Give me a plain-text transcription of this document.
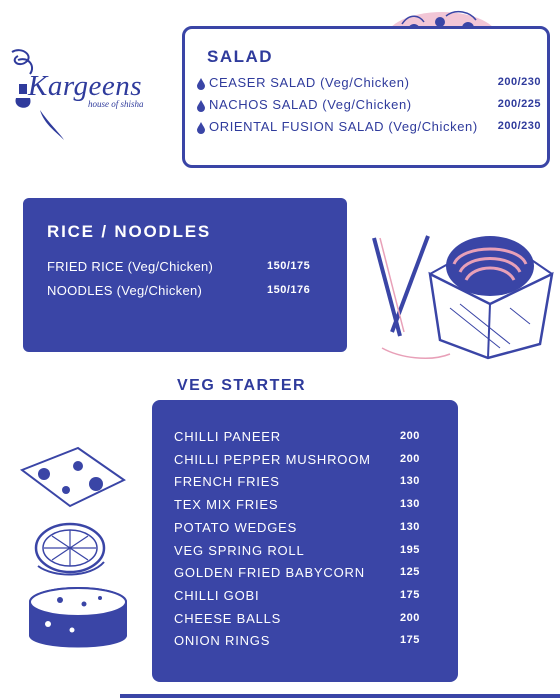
Kargeens
house of shisha
SALAD
CEASER SALAD (Veg/Chicken)	200/230
NACHOS SALAD (Veg/Chicken)	200/225
ORIENTAL FUSION SALAD (Veg/Chicken) 200/230
RICE / NOODLES
FRIED RICE (Veg/Chicken)	150/175
NOODLES (Veg/Chicken)	150/176
VEG STARTER
CHILLI PANEER	200
CHILLI PEPPER MUSHROOM	200
FRENCH FRIES	130
TEX MIX FRIES	130
POTATO WEDGES	130
VEG SPRING ROLL	195
GOLDEN FRIED BABYCORN	125
CHILLI GOBI	175
CHEESE BALLS	200
ONION RINGS	175
